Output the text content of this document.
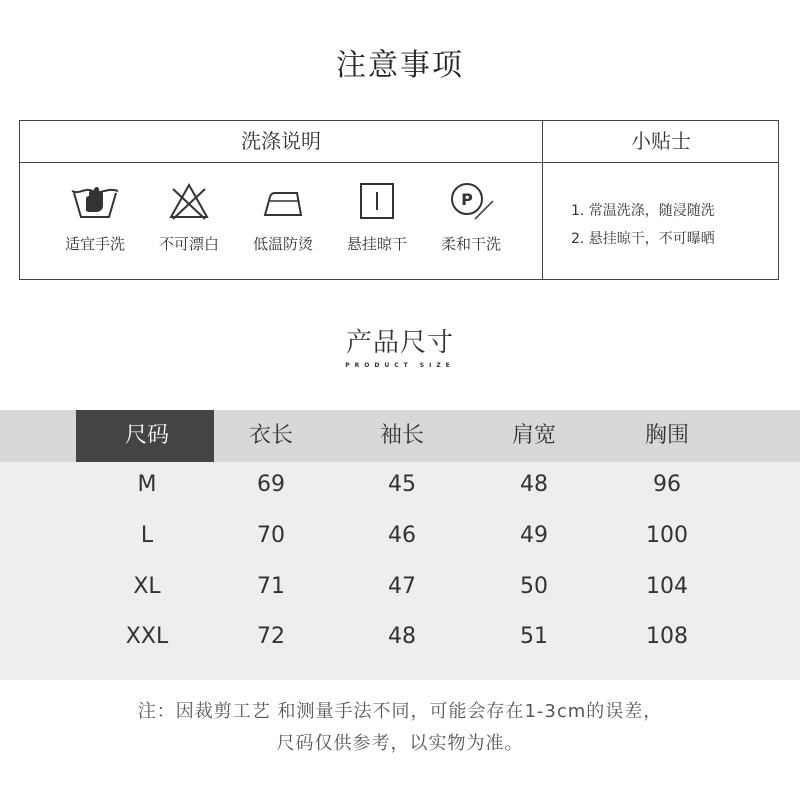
注意事项
洗涤说明	小贴士
适宜手洗	不可漂白	低温防烫	悬挂晾干
P
柔和干洗
1. 常温洗涤，随浸随洗
2. 悬挂晾干，不可曝晒
产品尺寸
PRODUCT SIZE
尺码	衣长	袖长	肩宽	胸围
M	69	45	48	96
L	70	46	49	100
XL	71	47	50	104
XXL	72	48	51	108
注：因裁剪工艺 和测量手法不同，可能会存在1-3cm的误差，
尺码仅供参考，以实物为准。
